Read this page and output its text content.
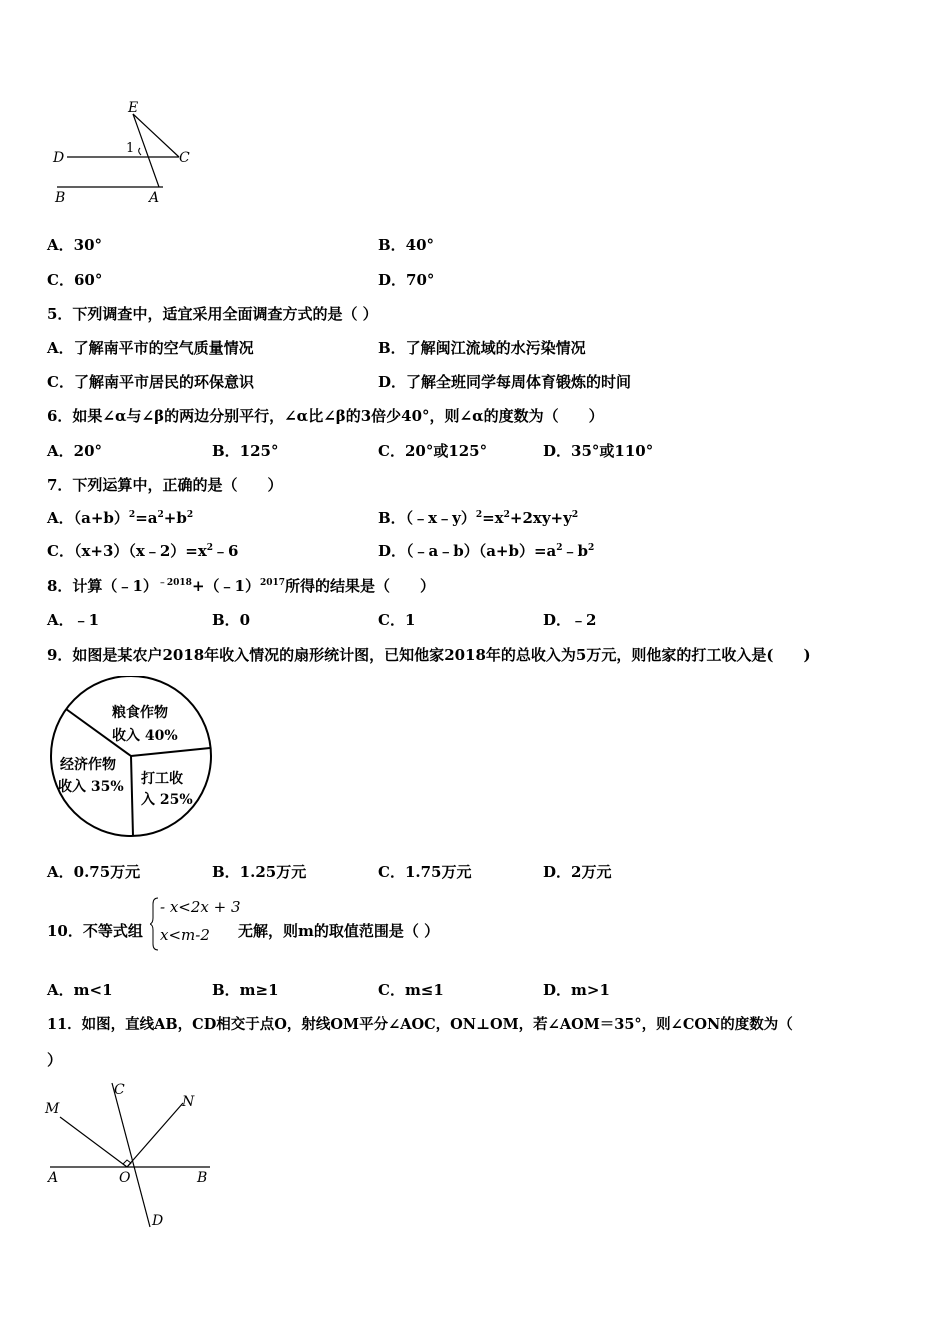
E
D	C
B	A
1
A．30°	B．40°
C．60°	D．70°
5．下列调查中，适宜采用全面调查方式的是（ ）
A．了解南平市的空气质量情况	B．了解闽江流域的水污染情况
C．了解南平市居民的环保意识	D．了解全班同学每周体育锻炼的时间
6．如果∠α与∠β的两边分别平行，∠α比∠β的3倍少40°，则∠α的度数为（　　）
A．20°	B．125°	C．20°或125°	D．35°或110°
7．下列运算中，正确的是（　　）
A．$(a+b)^2=a^2+b^2$	B．$(﹣x﹣y)^2=x^2+2xy+y^2$
C．$(x+3)(x﹣2)=x^2﹣6$	D．$(﹣a﹣b)(a+b)=a^2﹣b^2$
8．计算（﹣1）$^{﹣2018}$+（﹣1）$^{2017}$所得的结果是（　　）
A．﹣1	B．0	C．1	D．﹣2
9．如图是某农户2018年收入情况的扇形统计图，已知他家2018年的总收入为5万元，则他家的打工收入是(　　)
粮食作物
收入 40%
打工收
入 25%
经济作物
收入 35%
A．0.75万元	B．1.25万元	C．1.75万元	D．2万元
10．不等式组
- x<2x + 3
x<m-2 无解，则m的取值范围是（ ）
A．m<1	B．m≥1	C．m≤1	D．m>1
11．如图，直线AB，CD相交于点O，射线OM平分∠AOC，ON⊥OM，若∠AOM＝35°，则∠CON的度数为（
）
M
C
N
A	O	B
D
